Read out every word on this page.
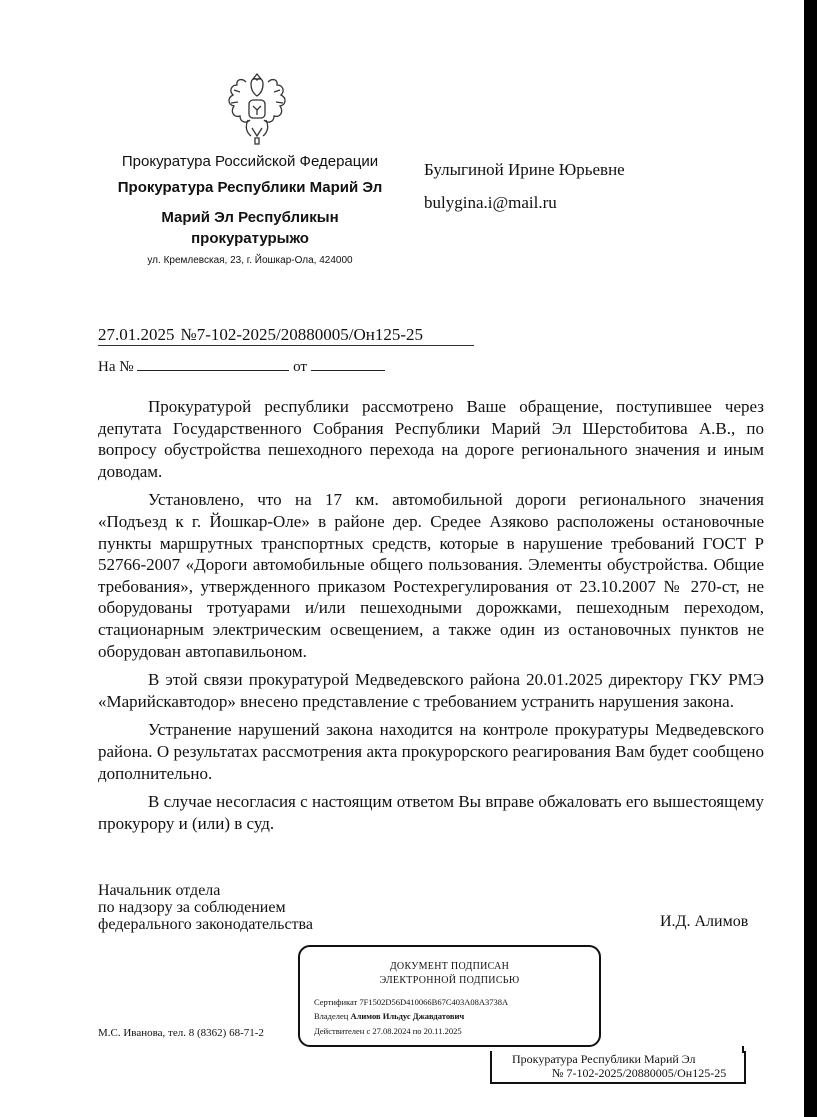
Прокуратура Российской Федерации
Прокуратура Республики Марий Эл
Марий Эл Республикын
прокуратурыжо
ул. Кремлевская, 23, г. Йошкар-Ола, 424000
Булыгиной Ирине Юрьевне
bulygina.i@mail.ru
27.01.2025 №7-102-2025/20880005/Он125-25
На №	от

Прокуратурой республики рассмотрено Ваше обращение, поступившее через депутата Государственного Собрания Республики Марий Эл Шерстобитова А.В., по вопросу обустройства пешеходного перехода на дороге регионального значения и иным доводам.

Установлено, что на 17 км. автомобильной дороги регионального значения «Подъезд к г. Йошкар-Оле» в районе дер. Средее Азяково расположены остановочные пункты маршрутных транспортных средств, которые в нарушение требований ГОСТ Р 52766-2007 «Дороги автомобильные общего пользования. Элементы обустройства. Общие требования», утвержденного приказом Ростехрегулирования от 23.10.2007 № 270-ст, не оборудованы тротуарами и/или пешеходными дорожками, пешеходным переходом, стационарным электрическим освещением, а также один из остановочных пунктов не оборудован автопавильоном.

В этой связи прокуратурой Медведевского района 20.01.2025 директору ГКУ РМЭ «Марийскавтодор» внесено представление с требованием устранить нарушения закона.

Устранение нарушений закона находится на контроле прокуратуры Медведевского района. О результатах рассмотрения акта прокурорского реагирования Вам будет сообщено дополнительно.

В случае несогласия с настоящим ответом Вы вправе обжаловать его вышестоящему прокурору и (или) в суд.

Начальник отдела
по надзору за соблюдением
федерального законодательства	И.Д. Алимов
М.С. Иванова, тел. 8 (8362) 68-71-2
ДОКУМЕНТ ПОДПИСАН
ЭЛЕКТРОННОЙ ПОДПИСЬЮ
Сертификат 7F1502D56D410066B67C403A08A3738A
Владелец Алимов Ильдус Джавдатович
Действителен с 27.08.2024 по 20.11.2025
Прокуратура Республики Марий Эл
№ 7-102-2025/20880005/Он125-25
